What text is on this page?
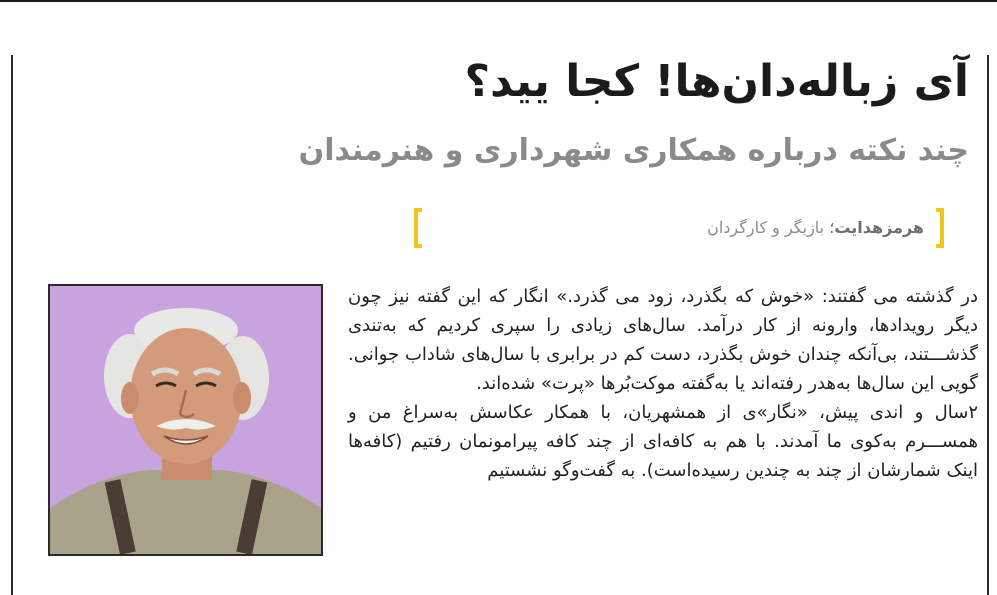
آی زباله‌دان‌ها! کجا یید؟
چند نکته درباره همکاری شهرداری و هنرمندان
هرمزهدایت؛ بازیگر و کارگردان

در گذشته می گفتند: «خوش که بگذرد، زود می گذرد.» انگار که این گفته نیز چون دیگر رویدادها، وارونه از کار درآمد. سال‌های زیادی را سپری کردیم که به‌تندی گذشـــتند، بی‌آنکه چندان خوش بگذرد، دست کم در برابری با سال‌های شاداب جوانی. گویی این سال‌ها به‌هدر رفته‌اند یا به‌گفته موکت‌بُرها «پرت» شده‌اند.

۲سال و اندی پیش، «نگار»ی از همشهریان، با همکار عکاسش به‌سراغ من و همســـرم به‌کوی ما آمدند. با هم به کافه‌ای از چند کافه پیرامونمان رفتیم (کافه‌ها اینک شمارشان از چند به چندین رسیده‌است). به گفت‌وگو نشستیم
